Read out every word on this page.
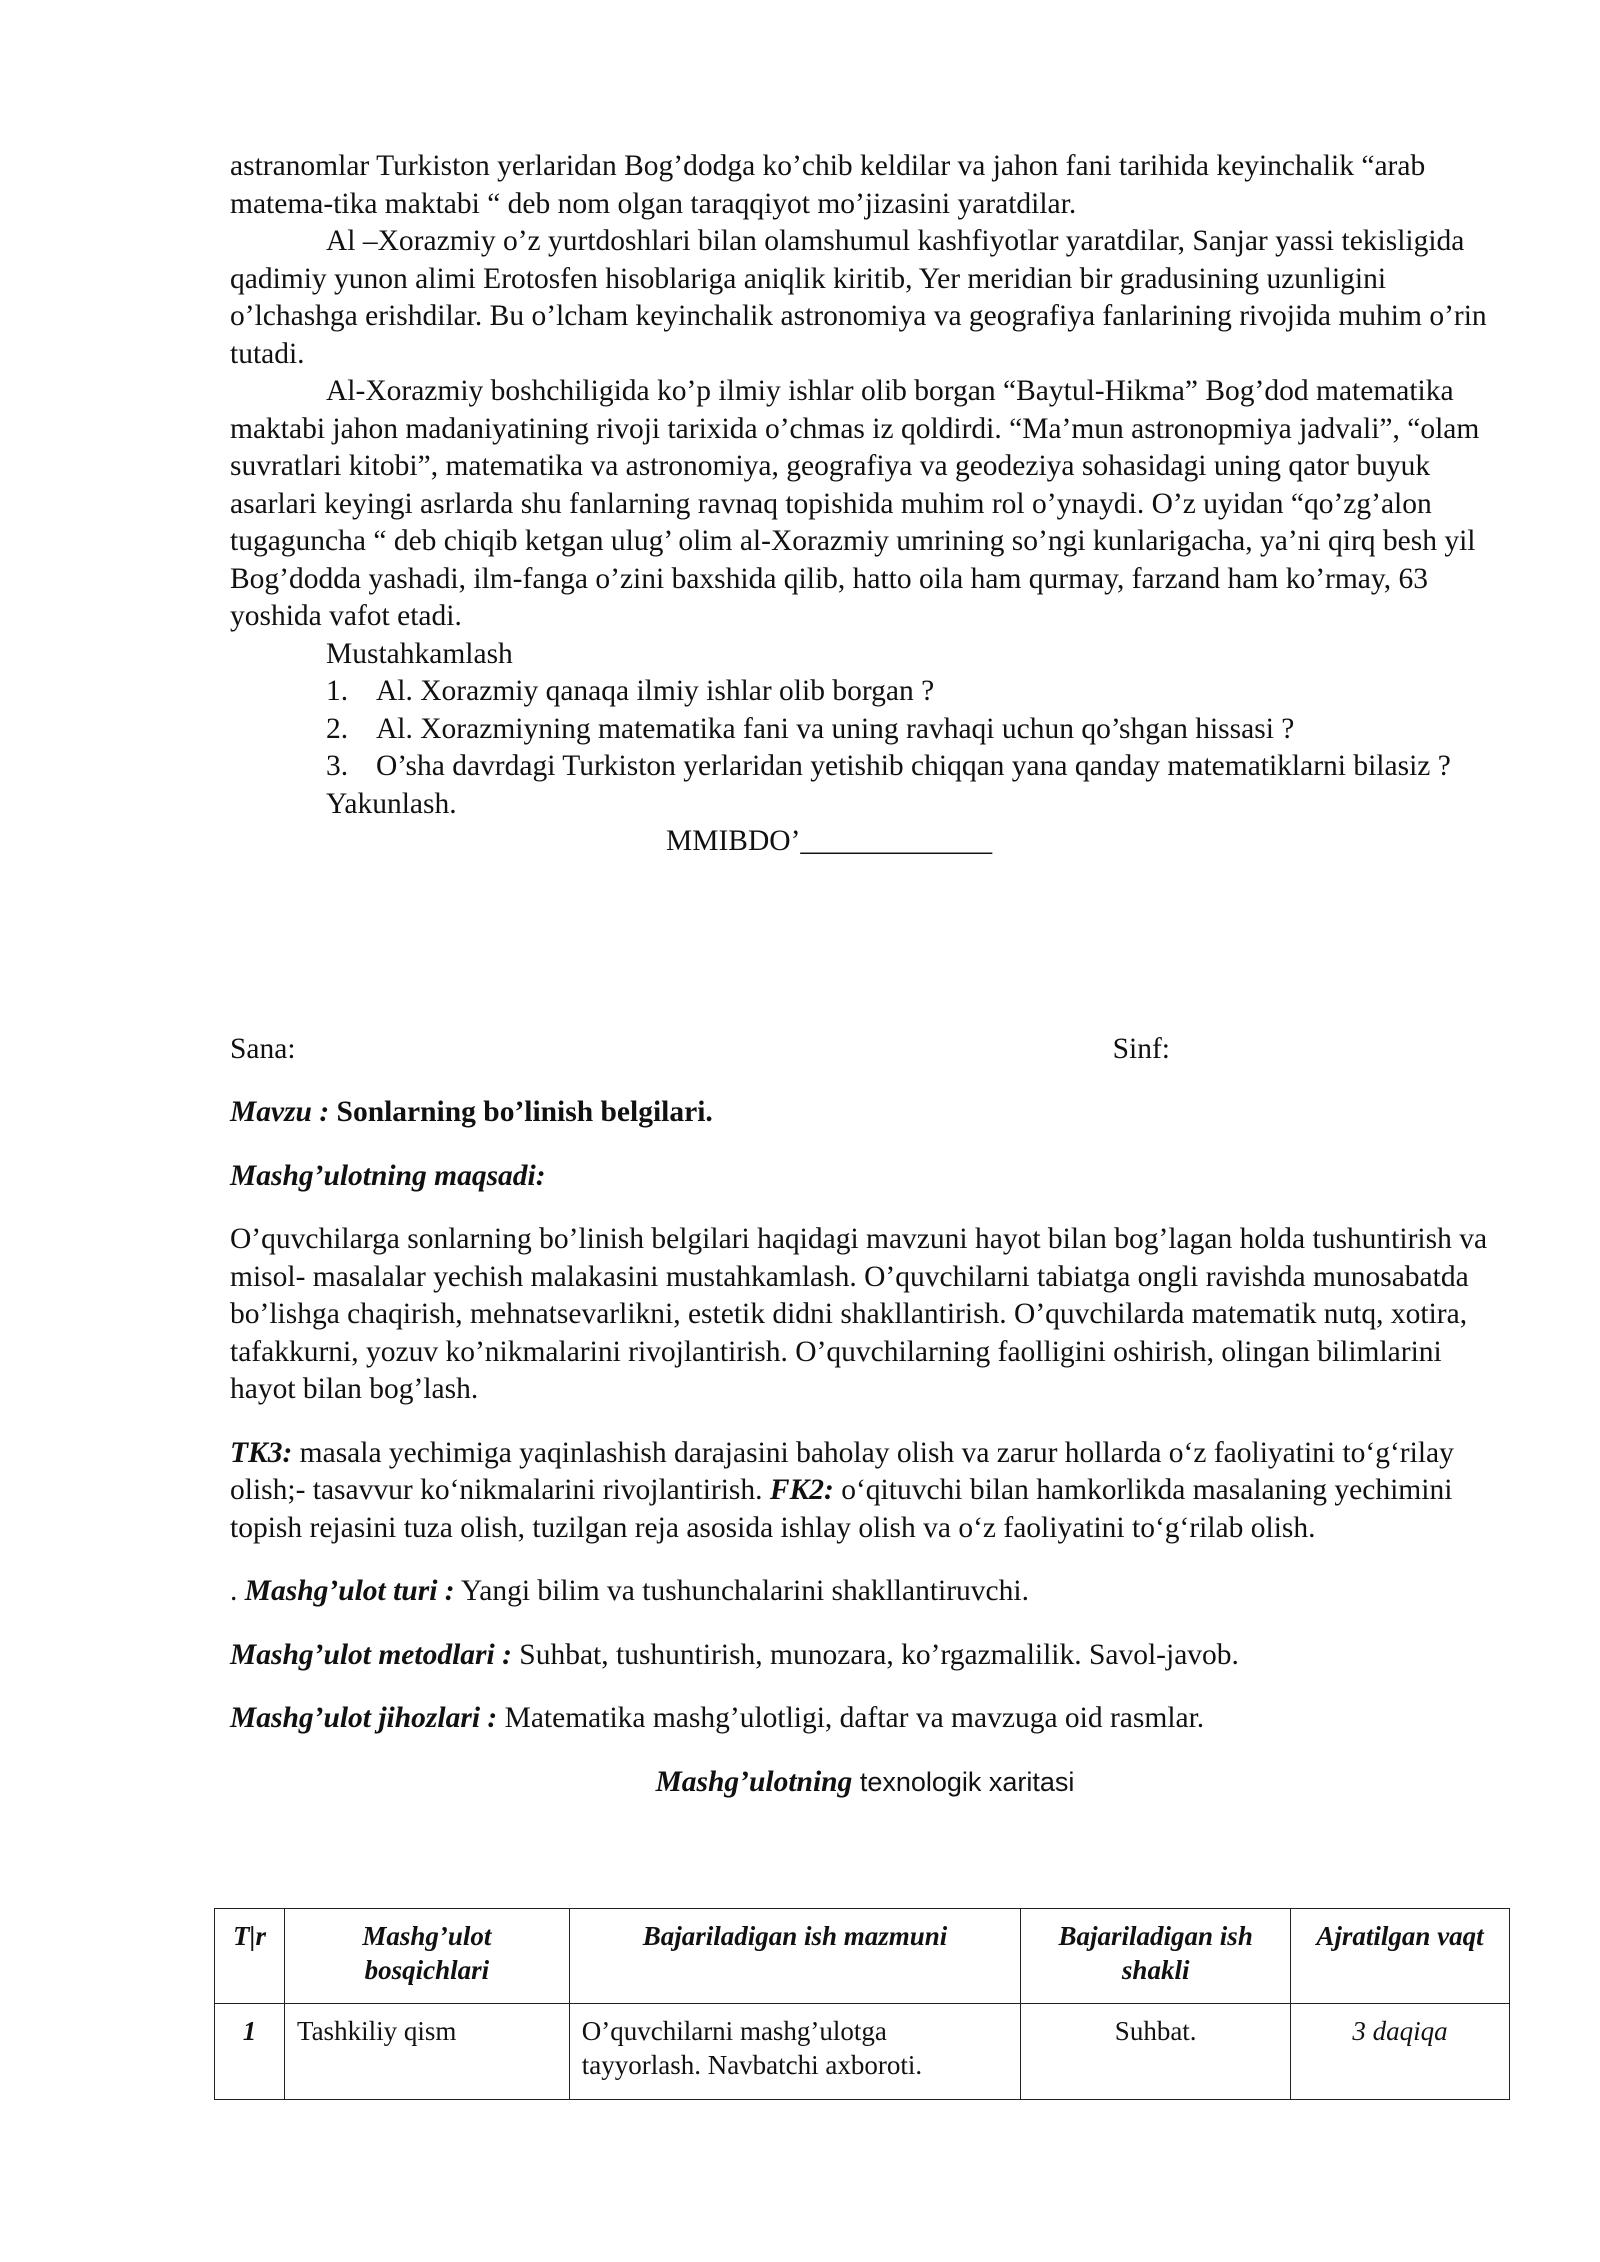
astranomlar Turkiston yerlaridan Bog’dodga ko’chib keldilar va jahon fani tarihida keyinchalik “arab matema-tika maktabi “ deb nom olgan taraqqiyot mo’jizasini yaratdilar.

Al –Xorazmiy o’z yurtdoshlari bilan olamshumul kashfiyotlar yaratdilar, Sanjar yassi tekisligida qadimiy yunon alimi Erotosfen hisoblariga aniqlik kiritib, Yer meridian bir gradusining uzunligini o’lchashga erishdilar. Bu o’lcham keyinchalik astronomiya va geografiya fanlarining rivojida muhim o’rin tutadi.

Al-Xorazmiy boshchiligida ko’p ilmiy ishlar olib borgan “Baytul-Hikma” Bog’dod matematika maktabi jahon madaniyatining rivoji tarixida o’chmas iz qoldirdi. “Ma’mun astronopmiya jadvali”, “olam suvratlari kitobi”, matematika va astronomiya, geografiya va geodeziya sohasidagi uning qator buyuk asarlari keyingi asrlarda shu fanlarning ravnaq topishida muhim rol o’ynaydi. O’z uyidan “qo’zg’alon tugaguncha “ deb chiqib ketgan ulug’ olim al-Xorazmiy umrining so’ngi kunlarigacha, ya’ni qirq besh yil Bog’dodda yashadi, ilm-fanga o’zini baxshida qilib, hatto oila ham qurmay, farzand ham ko’rmay, 63 yoshida vafot etadi.

Mustahkamlash

1. Al. Xorazmiy qanaqa ilmiy ishlar olib borgan ?
2. Al. Xorazmiyning matematika fani va uning ravhaqi uchun qo’shgan hissasi ?
3. O’sha davrdagi Turkiston yerlaridan yetishib chiqqan yana qanday matematiklarni bilasiz ?

Yakunlash.

MMIBDO’_____________

Sana:	Sinf:

Mavzu : Sonlarning bo’linish belgilari.

Mashg’ulotning maqsadi:

O’quvchilarga sonlarning bo’linish belgilari haqidagi mavzuni hayot bilan bog’lagan holda tushuntirish va misol- masalalar yechish malakasini mustahkamlash. O’quvchilarni tabiatga ongli ravishda munosabatda bo’lishga chaqirish, mehnatsevarlikni, estetik didni shakllantirish. O’quvchilarda matematik nutq, xotira, tafakkurni, yozuv ko’nikmalarini rivojlantirish. O’quvchilarning faolligini oshirish, olingan bilimlarini hayot bilan bog’lash.

TK3: masala yechimiga yaqinlashish darajasini baholay olish va zarur hollarda o‘z faoliyatini to‘g‘rilay olish;- tasavvur ko‘nikmalarini rivojlantirish. FK2: o‘qituvchi bilan hamkorlikda masalaning yechimini topish rejasini tuza olish, tuzilgan reja asosida ishlay olish va o‘z faoliyatini to‘g‘rilab olish.

. Mashg’ulot turi : Yangi bilim va tushunchalarini shakllantiruvchi.

Mashg’ulot metodlari : Suhbat, tushuntirish, munozara, ko’rgazmalilik. Savol-javob.

Mashg’ulot jihozlari : Matematika mashg’ulotligi, daftar va mavzuga oid rasmlar.

Mashg’ulotning texnologik xaritasi

T|r	Mashg’ulot bosqichlari	Bajariladigan ish mazmuni	Bajariladigan ish shakli	Ajratilgan vaqt
1	Tashkiliy qism	O’quvchilarni mashg’ulotga tayyorlash. Navbatchi axboroti.	Suhbat.	3 daqiqa
